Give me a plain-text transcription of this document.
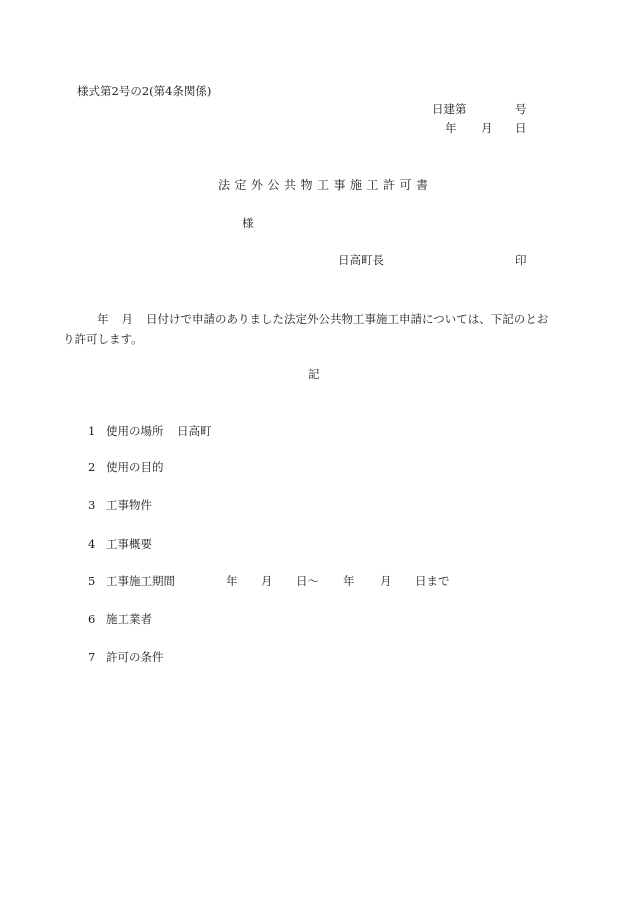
様式第2号の2(第4条関係)
日建第	号
年 月 日
法定外公共物工事施工許可書
様
日高町長	印
年 月 日付けで申請のありました法定外公共物工事施工申請については、下記のとおり許可します。
記
1 使用の場所 日高町
2 使用の目的
3 工事物件
4 工事概要
5 工事施工期間	年 月 日～ 年 月 日まで
6 施工業者
7 許可の条件
